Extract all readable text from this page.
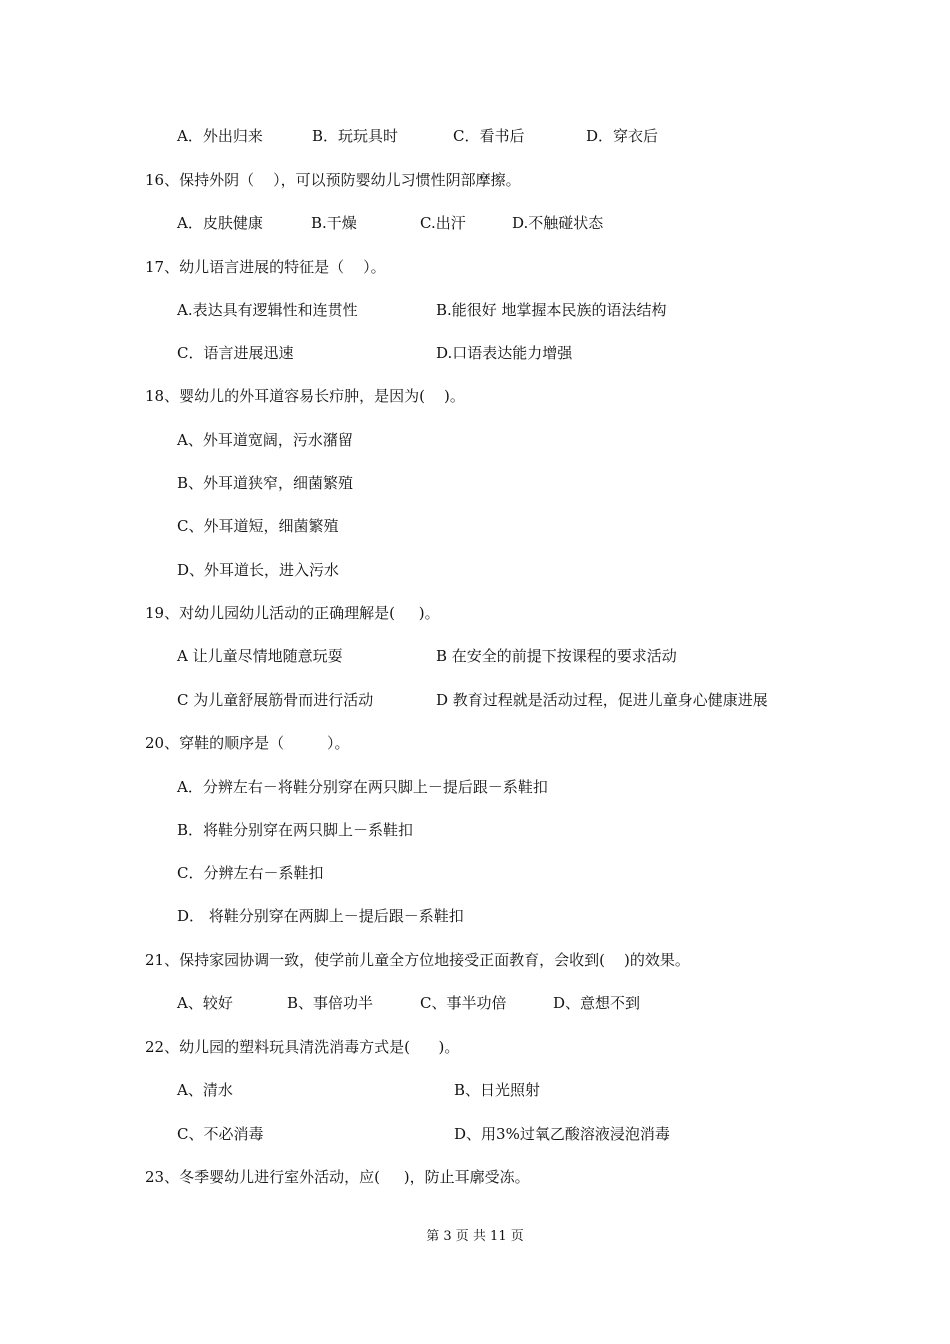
A．外出归来	B．玩玩具时	C．看书后	D．穿衣后
16、保持外阴（    ），可以预防婴幼儿习惯性阴部摩擦。
A．皮肤健康	B.干燥	C.出汗	D.不触碰状态
17、幼儿语言进展的特征是（    ）。
A.表达具有逻辑性和连贯性	B.能很好 地掌握本民族的语法结构
C．语言进展迅速	D.口语表达能力增强
18、婴幼儿的外耳道容易长疖肿，是因为(    )。
A、外耳道宽阔，污水潴留
B、外耳道狭窄，细菌繁殖
C、外耳道短，细菌繁殖
D、外耳道长，进入污水
19、对幼儿园幼儿活动的正确理解是(     )。
A 让儿童尽情地随意玩耍	B 在安全的前提下按课程的要求活动
C 为儿童舒展筋骨而进行活动	D 教育过程就是活动过程，促进儿童身心健康进展
20、穿鞋的顺序是（         ）。
A．分辨左右－将鞋分别穿在两只脚上－提后跟－系鞋扣
B．将鞋分别穿在两只脚上－系鞋扣
C．分辨左右－系鞋扣
D． 将鞋分别穿在两脚上－提后跟－系鞋扣
21、保持家园协调一致，使学前儿童全方位地接受正面教育，会收到(    )的效果。
A、较好	B、事倍功半	C、事半功倍	D、意想不到
22、幼儿园的塑料玩具清洗消毒方式是(      )。
A、清水	B、日光照射
C、不必消毒	D、用3%过氧乙酸溶液浸泡消毒
23、冬季婴幼儿进行室外活动，应(     )，防止耳廓受冻。
第 3 页 共 11 页
